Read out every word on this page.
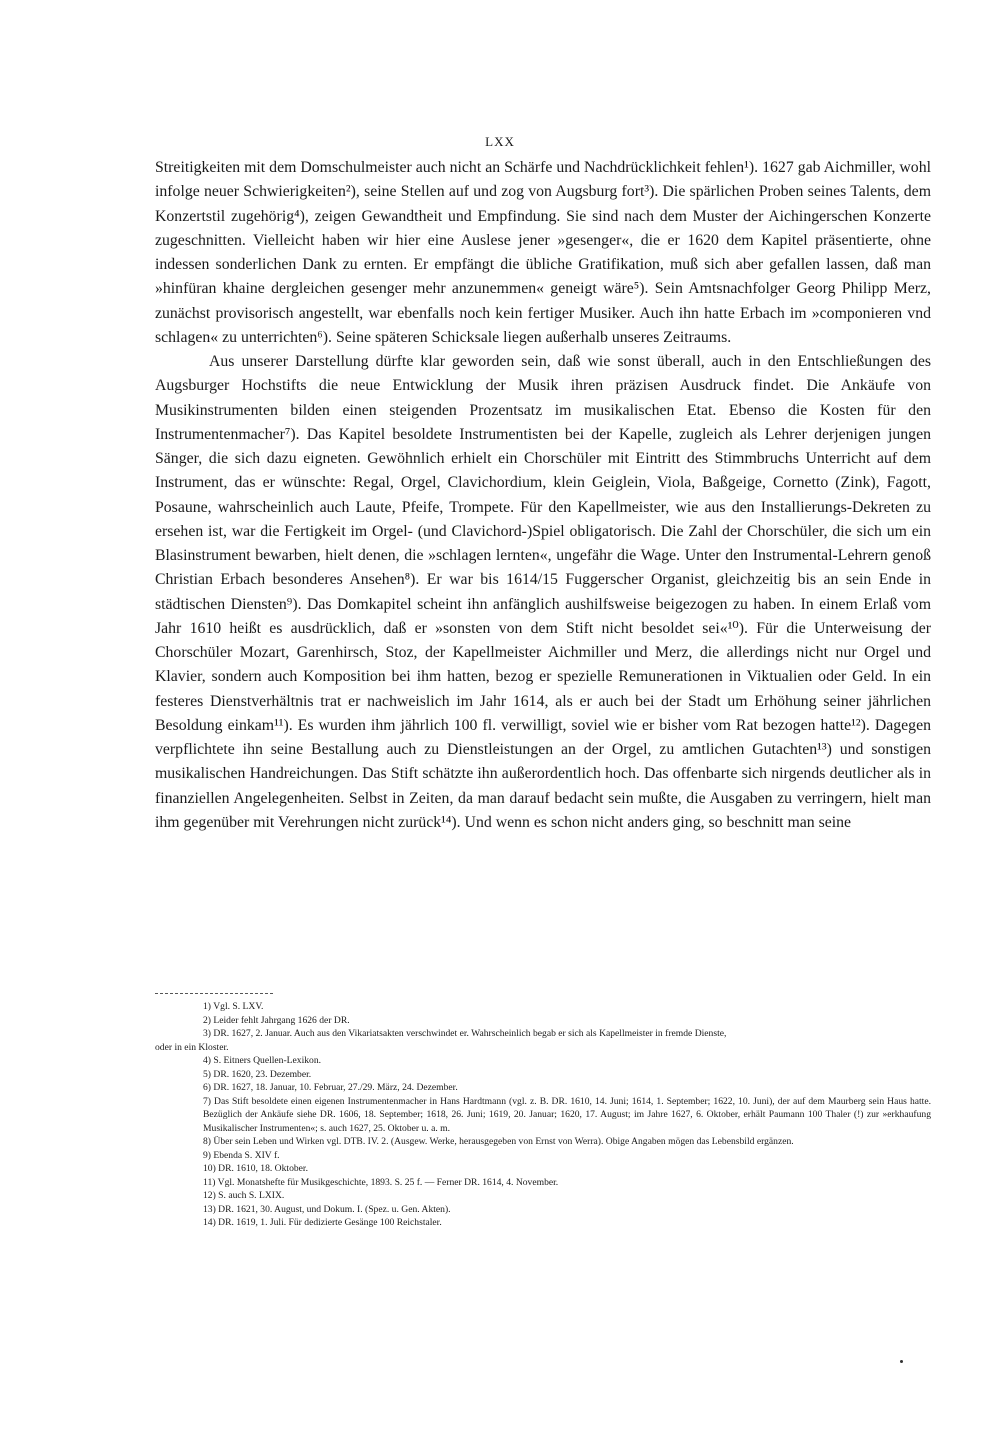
LXX

Streitigkeiten mit dem Domschulmeister auch nicht an Schärfe und Nachdrücklichkeit fehlen¹). 1627 gab Aichmiller, wohl infolge neuer Schwierigkeiten²), seine Stellen auf und zog von Augsburg fort³). Die spärlichen Proben seines Talents, dem Konzertstil zugehörig⁴), zeigen Gewandtheit und Empfindung. Sie sind nach dem Muster der Aichingerschen Konzerte zugeschnitten. Vielleicht haben wir hier eine Auslese jener »gesenger«, die er 1620 dem Kapitel präsentierte, ohne indessen sonderlichen Dank zu ernten. Er empfängt die übliche Gratifikation, muß sich aber gefallen lassen, daß man »hinfüran khaine dergleichen gesenger mehr anzunemmen« geneigt wäre⁵). Sein Amtsnachfolger Georg Philipp Merz, zunächst provisorisch angestellt, war ebenfalls noch kein fertiger Musiker. Auch ihn hatte Erbach im »componieren vnd schlagen« zu unterrichten⁶). Seine späteren Schicksale liegen außerhalb unseres Zeitraums.

Aus unserer Darstellung dürfte klar geworden sein, daß wie sonst überall, auch in den Entschließungen des Augsburger Hochstifts die neue Entwicklung der Musik ihren präzisen Ausdruck findet. Die Ankäufe von Musikinstrumenten bilden einen steigenden Prozentsatz im musikalischen Etat. Ebenso die Kosten für den Instrumentenmacher⁷). Das Kapitel besoldete Instrumentisten bei der Kapelle, zugleich als Lehrer derjenigen jungen Sänger, die sich dazu eigneten. Gewöhnlich erhielt ein Chorschüler mit Eintritt des Stimmbruchs Unterricht auf dem Instrument, das er wünschte: Regal, Orgel, Clavichordium, klein Geiglein, Viola, Baßgeige, Cornetto (Zink), Fagott, Posaune, wahrscheinlich auch Laute, Pfeife, Trompete. Für den Kapellmeister, wie aus den Installierungs-Dekreten zu ersehen ist, war die Fertigkeit im Orgel- (und Clavichord-)Spiel obligatorisch. Die Zahl der Chorschüler, die sich um ein Blasinstrument bewarben, hielt denen, die »schlagen lernten«, ungefähr die Wage. Unter den Instrumental-Lehrern genoß Christian Erbach besonderes Ansehen⁸). Er war bis 1614/15 Fuggerscher Organist, gleichzeitig bis an sein Ende in städtischen Diensten⁹). Das Domkapitel scheint ihn anfänglich aushilfsweise beigezogen zu haben. In einem Erlaß vom Jahr 1610 heißt es ausdrücklich, daß er »sonsten von dem Stift nicht besoldet sei«¹⁰). Für die Unterweisung der Chorschüler Mozart, Garenhirsch, Stoz, der Kapellmeister Aichmiller und Merz, die allerdings nicht nur Orgel und Klavier, sondern auch Komposition bei ihm hatten, bezog er spezielle Remunerationen in Viktualien oder Geld. In ein festeres Dienstverhältnis trat er nachweislich im Jahr 1614, als er auch bei der Stadt um Erhöhung seiner jährlichen Besoldung einkam¹¹). Es wurden ihm jährlich 100 fl. verwilligt, soviel wie er bisher vom Rat bezogen hatte¹²). Dagegen verpflichtete ihn seine Bestallung auch zu Dienstleistungen an der Orgel, zu amtlichen Gutachten¹³) und sonstigen musikalischen Handreichungen. Das Stift schätzte ihn außerordentlich hoch. Das offenbarte sich nirgends deutlicher als in finanziellen Angelegenheiten. Selbst in Zeiten, da man darauf bedacht sein mußte, die Ausgaben zu verringern, hielt man ihm gegenüber mit Verehrungen nicht zurück¹⁴). Und wenn es schon nicht anders ging, so beschnitt man seine

1) Vgl. S. LXV.

2) Leider fehlt Jahrgang 1626 der DR.

3) DR. 1627, 2. Januar. Auch aus den Vikariatsakten verschwindet er. Wahrscheinlich begab er sich als Kapellmeister in fremde Dienste,

oder in ein Kloster.

4) S. Eitners Quellen-Lexikon.

5) DR. 1620, 23. Dezember.

6) DR. 1627, 18. Januar, 10. Februar, 27./29. März, 24. Dezember.

7) Das Stift besoldete einen eigenen Instrumentenmacher in Hans Hardtmann (vgl. z. B. DR. 1610, 14. Juni; 1614, 1. September; 1622, 10. Juni), der auf dem Maurberg sein Haus hatte. Bezüglich der Ankäufe siehe DR. 1606, 18. September; 1618, 26. Juni; 1619, 20. Januar; 1620, 17. August; im Jahre 1627, 6. Oktober, erhält Paumann 100 Thaler (!) zur »erkhaufung Musikalischer Instrumenten«; s. auch 1627, 25. Oktober u. a. m.

8) Über sein Leben und Wirken vgl. DTB. IV. 2. (Ausgew. Werke, herausgegeben von Ernst von Werra). Obige Angaben mögen das Lebensbild ergänzen.

9) Ebenda S. XIV f.

10) DR. 1610, 18. Oktober.

11) Vgl. Monatshefte für Musikgeschichte, 1893. S. 25 f. — Ferner DR. 1614, 4. November.

12) S. auch S. LXIX.

13) DR. 1621, 30. August, und Dokum. I. (Spez. u. Gen. Akten).

14) DR. 1619, 1. Juli. Für dedizierte Gesänge 100 Reichstaler.
